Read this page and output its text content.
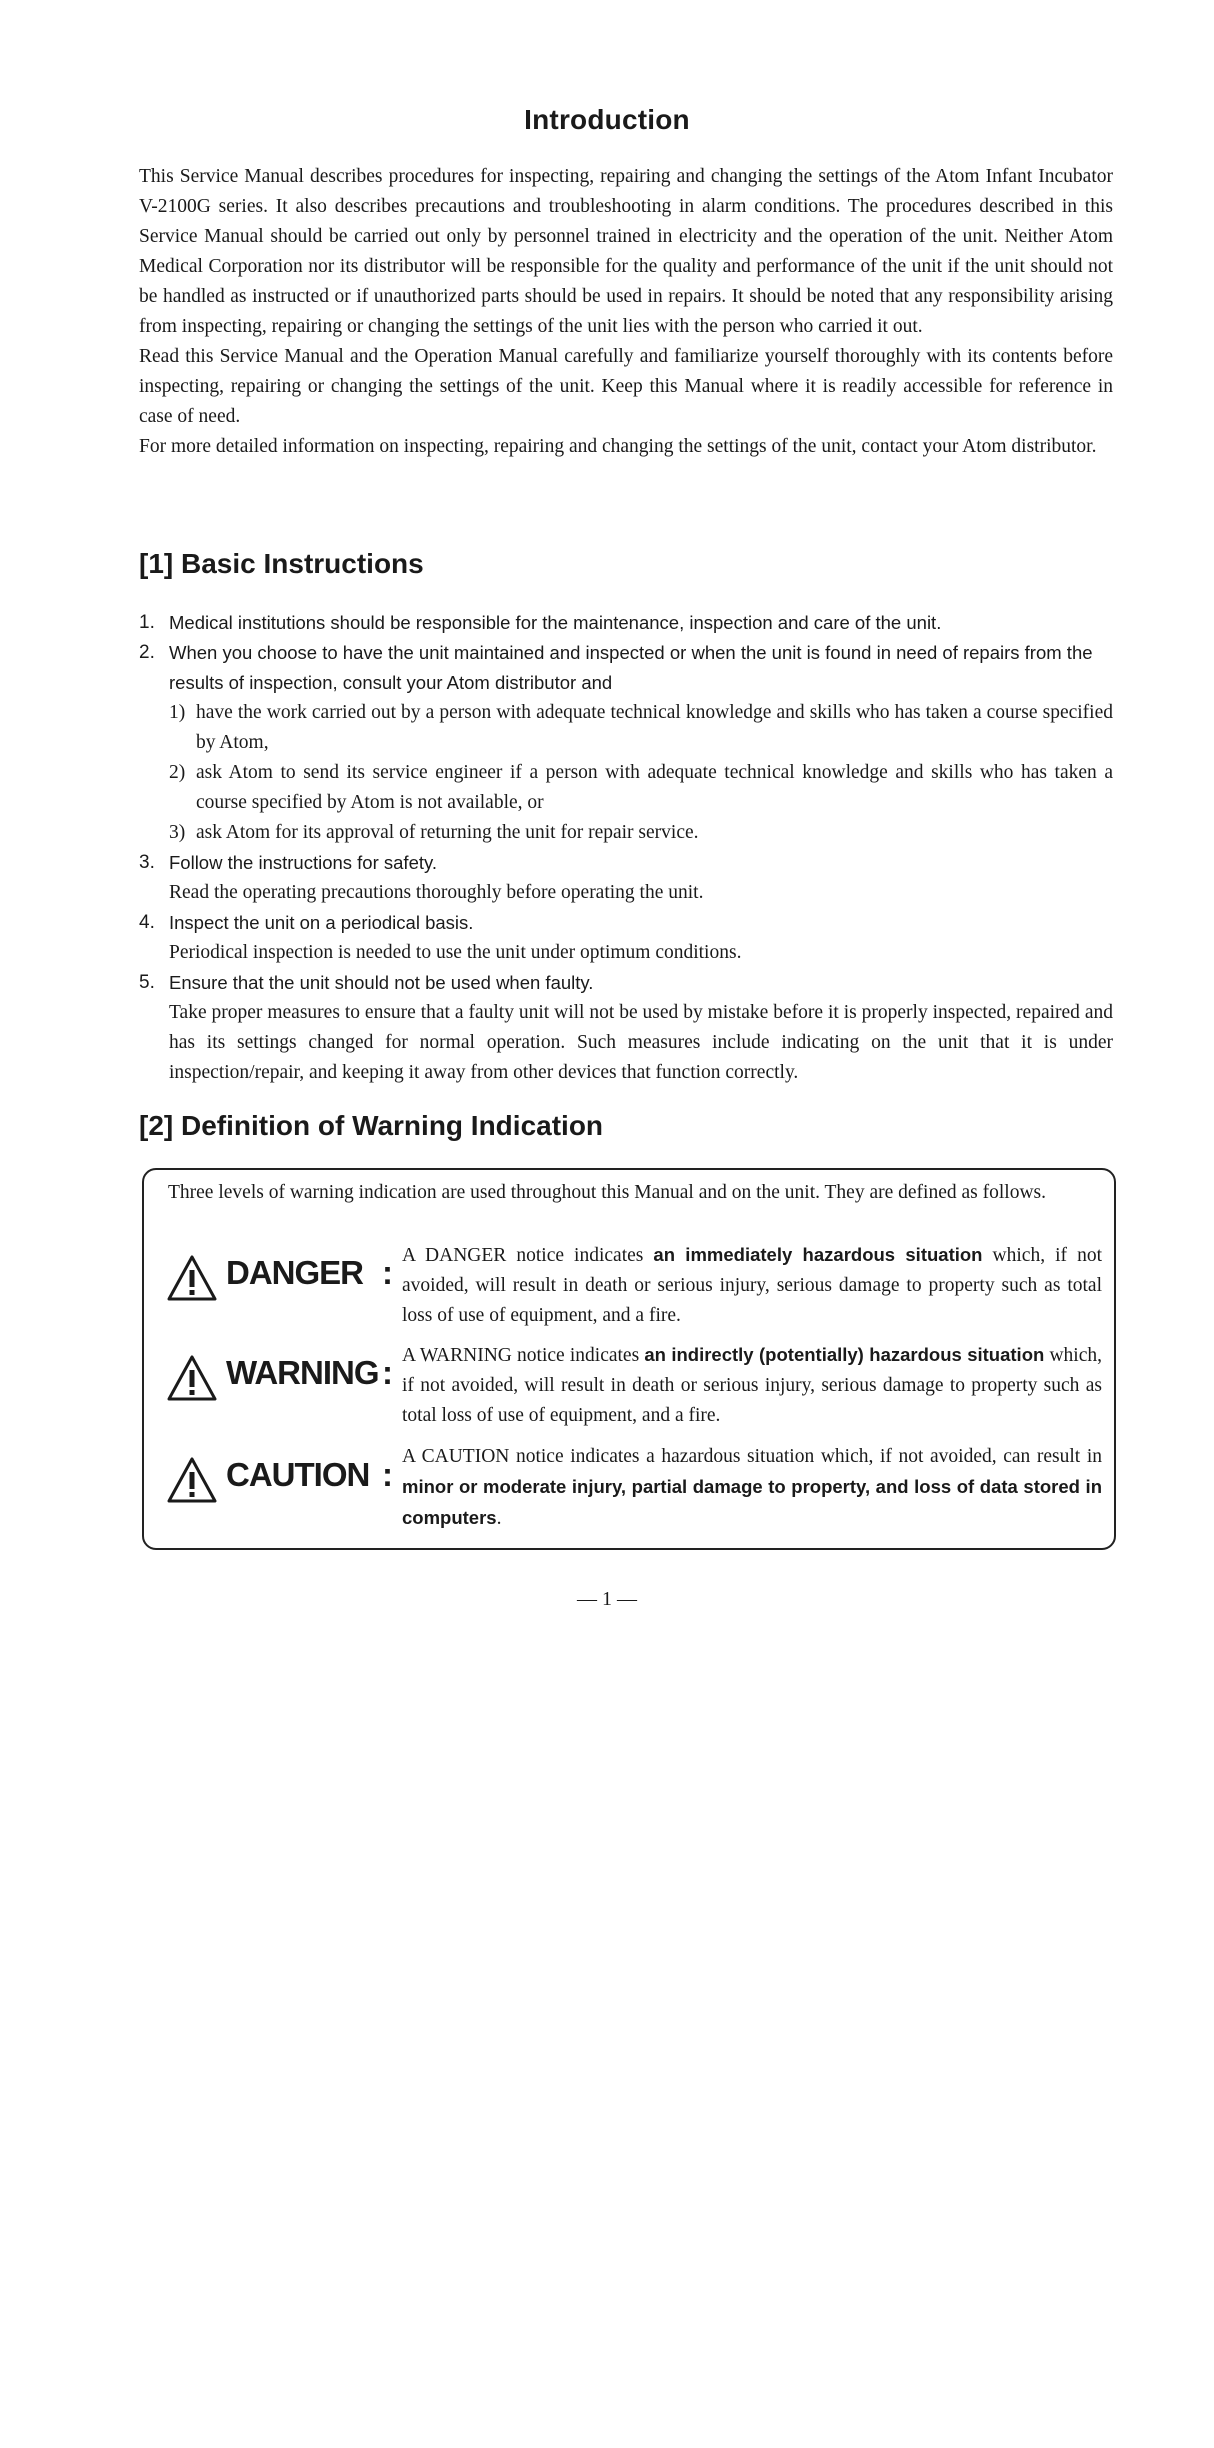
Introduction

This Service Manual describes procedures for inspecting, repairing and changing the settings of the Atom Infant Incubator V-2100G series. It also describes precautions and troubleshooting in alarm conditions. The procedures described in this Service Manual should be carried out only by personnel trained in electricity and the operation of the unit. Neither Atom Medical Corporation nor its distributor will be responsible for the quality and performance of the unit if the unit should not be handled as instructed or if unauthorized parts should be used in repairs. It should be noted that any responsibility arising from inspecting, repairing or changing the settings of the unit lies with the person who carried it out.

Read this Service Manual and the Operation Manual carefully and familiarize yourself thoroughly with its contents before inspecting, repairing or changing the settings of the unit. Keep this Manual where it is readily accessible for reference in case of need.

For more detailed information on inspecting, repairing and changing the settings of the unit, contact your Atom distributor.

[1] Basic Instructions
1. Medical institutions should be responsible for the maintenance, inspection and care of the unit.
2. When you choose to have the unit maintained and inspected or when the unit is found in need of repairs from the results of inspection, consult your Atom distributor and
1) have the work carried out by a person with adequate technical knowledge and skills who has taken a course specified by Atom,
2) ask Atom to send its service engineer if a person with adequate technical knowledge and skills who has taken a course specified by Atom is not available, or
3) ask Atom for its approval of returning the unit for repair service.
3. Follow the instructions for safety.
Read the operating precautions thoroughly before operating the unit.
4. Inspect the unit on a periodical basis.
Periodical inspection is needed to use the unit under optimum conditions.
5. Ensure that the unit should not be used when faulty.
Take proper measures to ensure that a faulty unit will not be used by mistake before it is properly inspected, repaired and has its settings changed for normal operation. Such measures include indicating on the unit that it is under inspection/repair, and keeping it away from other devices that function correctly.
[2] Definition of Warning Indication
Three levels of warning indication are used throughout this Manual and on the unit. They are defined as follows.
DANGER : A DANGER notice indicates an immediately hazardous situation which, if not avoided, will result in death or serious injury, serious damage to property such as total loss of use of equipment, and a fire.
WARNING : A WARNING notice indicates an indirectly (potentially) hazardous situation which, if not avoided, will result in death or serious injury, serious damage to property such as total loss of use of equipment, and a fire.
CAUTION : A CAUTION notice indicates a hazardous situation which, if not avoided, can result in minor or moderate injury, partial damage to property, and loss of data stored in computers.
— 1 —
